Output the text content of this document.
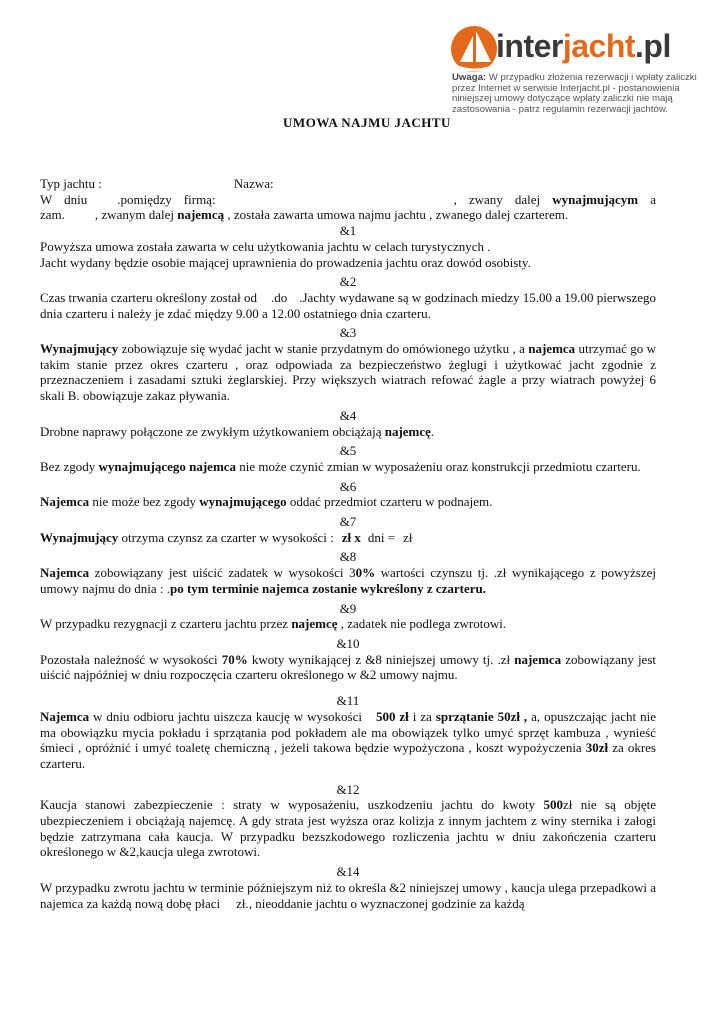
interjacht.pl
Uwaga: W przypadku złożenia rezerwacji i wpłaty zaliczki przez Internet w serwisie Interjacht.pl - postanowienia niniejszej umowy dotyczące wpłaty zaliczki nie mają zastosowania - patrz regulamin rezerwacji jachtów.
UMOWA NAJMU JACHTU
Typ jachtu :	Nazwa:
W dniu .pomiędzy firmą:	, zwany dalej wynajmującym a
zam. , zwanym dalej najemcą , została zawarta umowa najmu jachtu , zwanego dalej czarterem.
&1
Powyższa umowa została zawarta w celu użytkowania jachtu w celach turystycznych .
Jacht wydany będzie osobie mającej uprawnienia do prowadzenia jachtu oraz dowód osobisty.
&2

Czas trwania czarteru określony został od .do .Jachty wydawane są w godzinach miedzy 15.00 a 19.00 pierwszego dnia czarteru i należy je zdać między 9.00 a 12.00 ostatniego dnia czarteru.

&3

Wynajmujący zobowiązuje się wydać jacht w stanie przydatnym do omówionego użytku , a najemca utrzymać go w takim stanie przez okres czarteru , oraz odpowiada za bezpieczeństwo żeglugi i użytkować jacht zgodnie z przeznaczeniem i zasadami sztuki żeglarskiej. Przy większych wiatrach refować żagle a przy wiatrach powyżej 6 skali B. obowiązuje zakaz pływania.

&4

Drobne naprawy połączone ze zwykłym użytkowaniem obciążają najemcę.

&5

Bez zgody wynajmującego najemca nie może czynić zmian w wyposażeniu oraz konstrukcji przedmiotu czarteru.

&6

Najemca nie może bez zgody wynajmującego oddać przedmiot czarteru w podnajem.

&7
Wynajmujący otrzyma czynsz za czarter w wysokości : zł x dni = zł
&8

Najemca zobowiązany jest uiścić zadatek w wysokości 30% wartości czynszu tj. .zł wynikającego z powyższej umowy najmu do dnia : .po tym terminie najemca zostanie wykreślony z czarteru.

&9

W przypadku rezygnacji z czarteru jachtu przez najemcę , zadatek nie podlega zwrotowi.

&10

Pozostała należność w wysokości 70% kwoty wynikającej z &8 niniejszej umowy tj. .zł najemca zobowiązany jest uiścić najpóźniej w dniu rozpoczęcia czarteru określonego w &2 umowy najmu.

&11

Najemca w dniu odbioru jachtu uiszcza kaucję w wysokości 500 zł i za sprzątanie 50zł , a, opuszczając jacht nie ma obowiązku mycia pokładu i sprzątania pod pokładem ale ma obowiązek tylko umyć sprzęt kambuza , wynieść śmieci , opróżnić i umyć toaletę chemiczną , jeżeli takowa będzie wypożyczona , koszt wypożyczenia 30zł za okres czarteru.

&12

Kaucja stanowi zabezpieczenie : straty w wyposażeniu, uszkodzeniu jachtu do kwoty 500zł nie są objęte ubezpieczeniem i obciążają najemcę. A gdy strata jest wyższa oraz kolizja z innym jachtem z winy sternika i załogi będzie zatrzymana cała kaucja. W przypadku bezszkodowego rozliczenia jachtu w dniu zakończenia czarteru określonego w &2,kaucja ulega zwrotowi.

&14

W przypadku zwrotu jachtu w terminie późniejszym niż to określa &2 niniejszej umowy , kaucja ulega przepadkowi a najemca za każdą nową dobę płaci zł., nieoddanie jachtu o wyznaczonej godzinie za każdą
